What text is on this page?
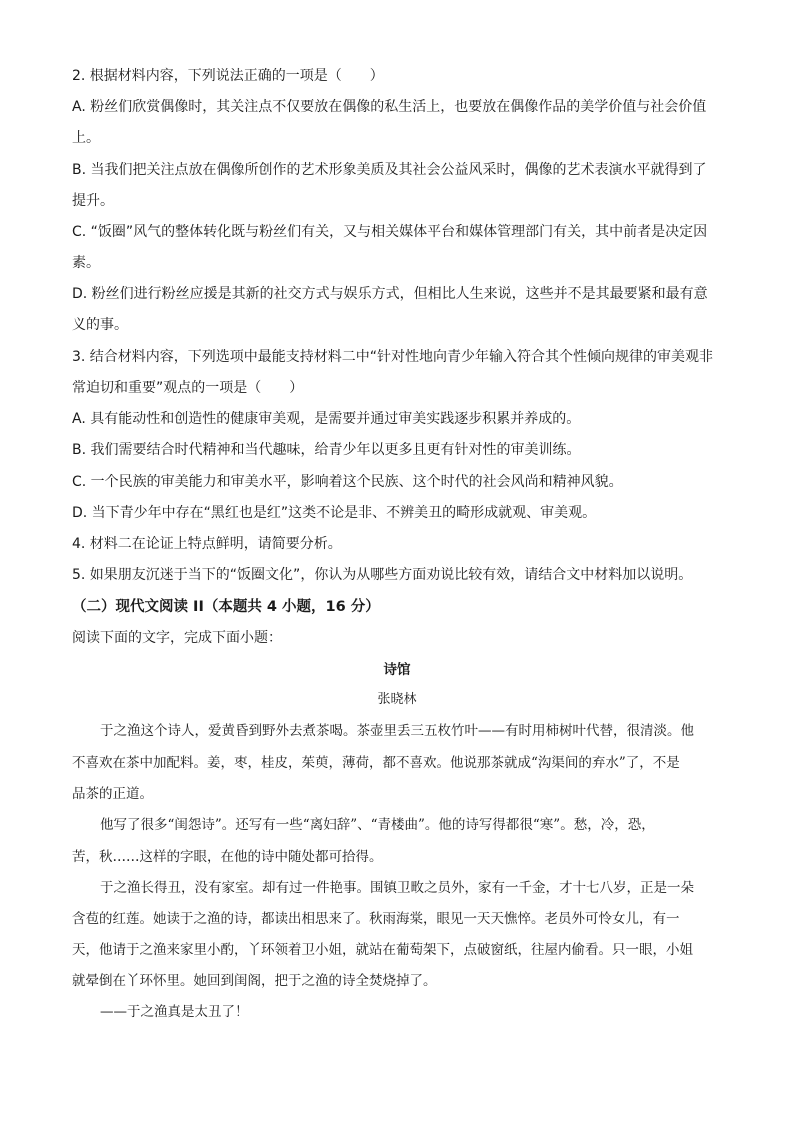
2. 根据材料内容，下列说法正确的一项是（　　）
A. 粉丝们欣赏偶像时，其关注点不仅要放在偶像的私生活上，也要放在偶像作品的美学价值与社会价值
上。
B. 当我们把关注点放在偶像所创作的艺术形象美质及其社会公益风采时，偶像的艺术表演水平就得到了
提升。
C. “饭圈”风气的整体转化既与粉丝们有关，又与相关媒体平台和媒体管理部门有关，其中前者是决定因
素。
D. 粉丝们进行粉丝应援是其新的社交方式与娱乐方式，但相比人生来说，这些并不是其最要紧和最有意
义的事。
3. 结合材料内容，下列选项中最能支持材料二中“针对性地向青少年输入符合其个性倾向规律的审美观非
常迫切和重要”观点的一项是（　　）
A. 具有能动性和创造性的健康审美观，是需要并通过审美实践逐步积累并养成的。
B. 我们需要结合时代精神和当代趣味，给青少年以更多且更有针对性的审美训练。
C. 一个民族的审美能力和审美水平，影响着这个民族、这个时代的社会风尚和精神风貌。
D. 当下青少年中存在“黑红也是红”这类不论是非、不辨美丑的畸形成就观、审美观。
4. 材料二在论证上特点鲜明，请简要分析。
5. 如果朋友沉迷于当下的“饭圈文化”，你认为从哪些方面劝说比较有效，请结合文中材料加以说明。
（二）现代文阅读 II（本题共 4 小题，16 分）
阅读下面的文字，完成下面小题：
诗馆
张晓林
于之渔这个诗人，爱黄昏到野外去煮茶喝。茶壶里丢三五枚竹叶——有时用柿树叶代替，很清淡。他
不喜欢在茶中加配料。姜，枣，桂皮，茱萸，薄荷，都不喜欢。他说那茶就成“沟渠间的弃水”了，不是
品茶的正道。
他写了很多“闺怨诗”。还写有一些“离妇辞”、“青楼曲”。他的诗写得都很“寒”。愁，冷，恐，
苦，秋……这样的字眼，在他的诗中随处都可拾得。
于之渔长得丑，没有家室。却有过一件艳事。围镇卫畋之员外，家有一千金，才十七八岁，正是一朵
含苞的红莲。她读于之渔的诗，都读出相思来了。秋雨海棠，眼见一天天憔悴。老员外可怜女儿，有一
天，他请于之渔来家里小酌，丫环领着卫小姐，就站在葡萄架下，点破窗纸，往屋内偷看。只一眼，小姐
就晕倒在丫环怀里。她回到闺阁，把于之渔的诗全焚烧掉了。
——于之渔真是太丑了！
